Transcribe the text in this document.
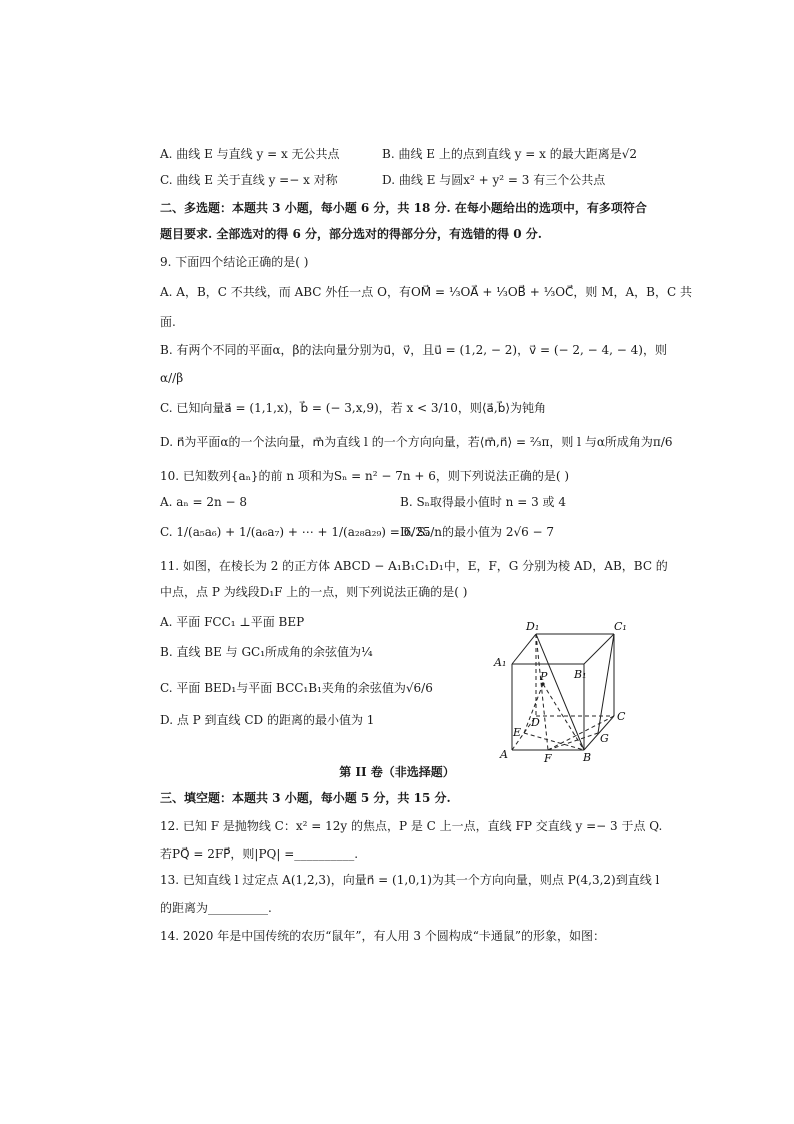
A. 曲线 E 与直线 y = x 无公共点	B. 曲线 E 上的点到直线 y = x 的最大距离是√2
C. 曲线 E 关于直线 y =− x 对称	D. 曲线 E 与圆x² + y² = 3 有三个公共点
二、多选题：本题共 3 小题，每小题 6 分，共 18 分. 在每小题给出的选项中，有多项符合
题目要求. 全部选对的得 6 分，部分选对的得部分分，有选错的得 0 分.
9. 下面四个结论正确的是( )
A. A，B，C 不共线，而 ABC 外任一点 O，有OM⃗ = ⅓OA⃗ + ⅓OB⃗ + ⅓OC⃗，则 M，A，B，C 共
面.
B. 有两个不同的平面α，β的法向量分别为u⃗，v⃗，且u⃗ = (1,2, − 2)，v⃗ = (− 2, − 4, − 4)，则
α//β
C. 已知向量a⃗ = (1,1,x)，b⃗ = (− 3,x,9)，若 x < 3/10，则⟨a⃗,b⃗⟩为钝角
D. n⃗为平面α的一个法向量，m⃗为直线 l 的一个方向向量，若⟨m⃗,n⃗⟩ = ⅔π，则 l 与α所成角为π/6
10. 已知数列{aₙ}的前 n 项和为Sₙ = n² − 7n + 6，则下列说法正确的是( )
A. aₙ = 2n − 8	B. Sₙ取得最小值时 n = 3 或 4
C. 1/(a₅a₆) + 1/(a₆a₇) + ⋯ + 1/(a₂₈a₂₉) = 6/25
D. Sₙ/n的最小值为 2√6 − 7
11. 如图，在棱长为 2 的正方体 ABCD − A₁B₁C₁D₁中，E，F，G 分别为棱 AD，AB，BC 的
中点，点 P 为线段D₁F 上的一点，则下列说法正确的是( )
A. 平面 FCC₁ ⊥平面 BEP
B. 直线 BE 与 GC₁所成角的余弦值为¼
C. 平面 BED₁与平面 BCC₁B₁夹角的余弦值为√6/6
D. 点 P 到直线 CD 的距离的最小值为 1
第 II 卷（非选择题）
三、填空题：本题共 3 小题，每小题 5 分，共 15 分.
12. 已知 F 是抛物线 C：x² = 12y 的焦点，P 是 C 上一点，直线 FP 交直线 y =− 3 于点 Q.
若PQ⃗ = 2FP⃗，则|PQ| =__________.
13. 已知直线 l 过定点 A(1,2,3)，向量n⃗ = (1,0,1)为其一个方向向量，则点 P(4,3,2)到直线 l
的距离为__________.
14. 2020 年是中国传统的农历“鼠年”，有人用 3 个圆构成“卡通鼠”的形象，如图：
D₁	C₁
A₁
B₁
P
D	C
E	G
A	F	B
